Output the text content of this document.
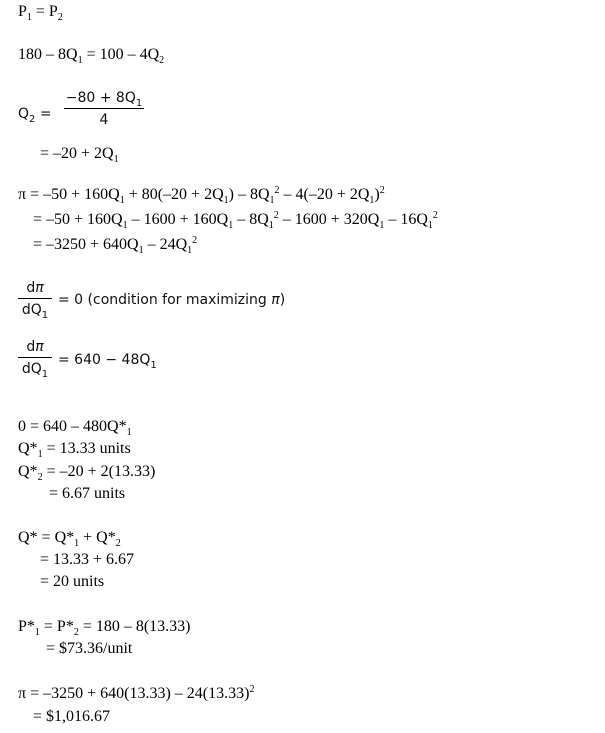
$P_1 = P_2$
$180 - 8Q_1 = 100 - 4Q_2$
$Q_2$ =
$-80 + 8Q_1$
4
= $-20 + 2Q_1$
$\pi = -50 + 160Q_1 + 80(-20 + 2Q_1) - 8Q_1^2 - 4(-20 + 2Q_1)^2$
= $-50 + 160Q_1 - 1600 + 160Q_1 - 8Q_1^2 - 1600 + 320Q_1 - 16Q_1^2$
= $-3250 + 640Q_1 - 24Q_1^2$
dπ
$dQ_1$
= 0 (condition for maximizing π)
dπ
$dQ_1$
= $640 - 48Q_1$
$0 = 640 - 480Q*_1$
$Q*_1 = 13.33$ units
$Q*_2 = -20 + 2(13.33)$
= 6.67 units
$Q* = Q*_1 + Q*_2$
= 13.33 + 6.67
= 20 units
$P*_1 = P*_2 = 180 - 8(13.33)$
= $73.36/unit
$\pi = -3250 + 640(13.33) - 24(13.33)^2$
= $1,016.67
